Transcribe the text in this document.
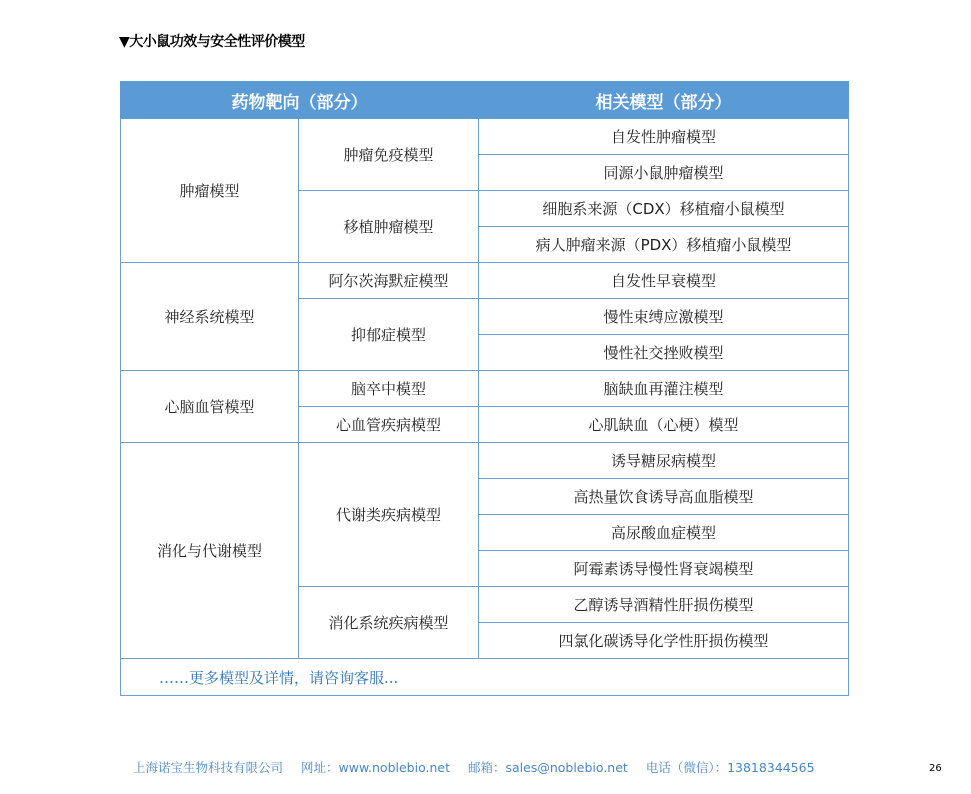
▼大小鼠功效与安全性评价模型
药物靶向（部分）		相关模型（部分）
肿瘤模型	肿瘤免疫模型	自发性肿瘤模型
		同源小鼠肿瘤模型
	移植肿瘤模型	细胞系来源（CDX）移植瘤小鼠模型
		病人肿瘤来源（PDX）移植瘤小鼠模型
神经系统模型	阿尔茨海默症模型	自发性早衰模型
	抑郁症模型	慢性束缚应激模型
		慢性社交挫败模型
心脑血管模型	脑卒中模型	脑缺血再灌注模型
	心血管疾病模型	心肌缺血（心梗）模型
消化与代谢模型	代谢类疾病模型	诱导糖尿病模型
		高热量饮食诱导高血脂模型
		高尿酸血症模型
		阿霉素诱导慢性肾衰竭模型
	消化系统疾病模型	乙醇诱导酒精性肝损伤模型
		四氯化碳诱导化学性肝损伤模型
……更多模型及详情，请咨询客服...		
上海诺宝生物科技有限公司 网址：www.noblebio.net 邮箱：sales@noblebio.net 电话（微信）：13818344565	26
